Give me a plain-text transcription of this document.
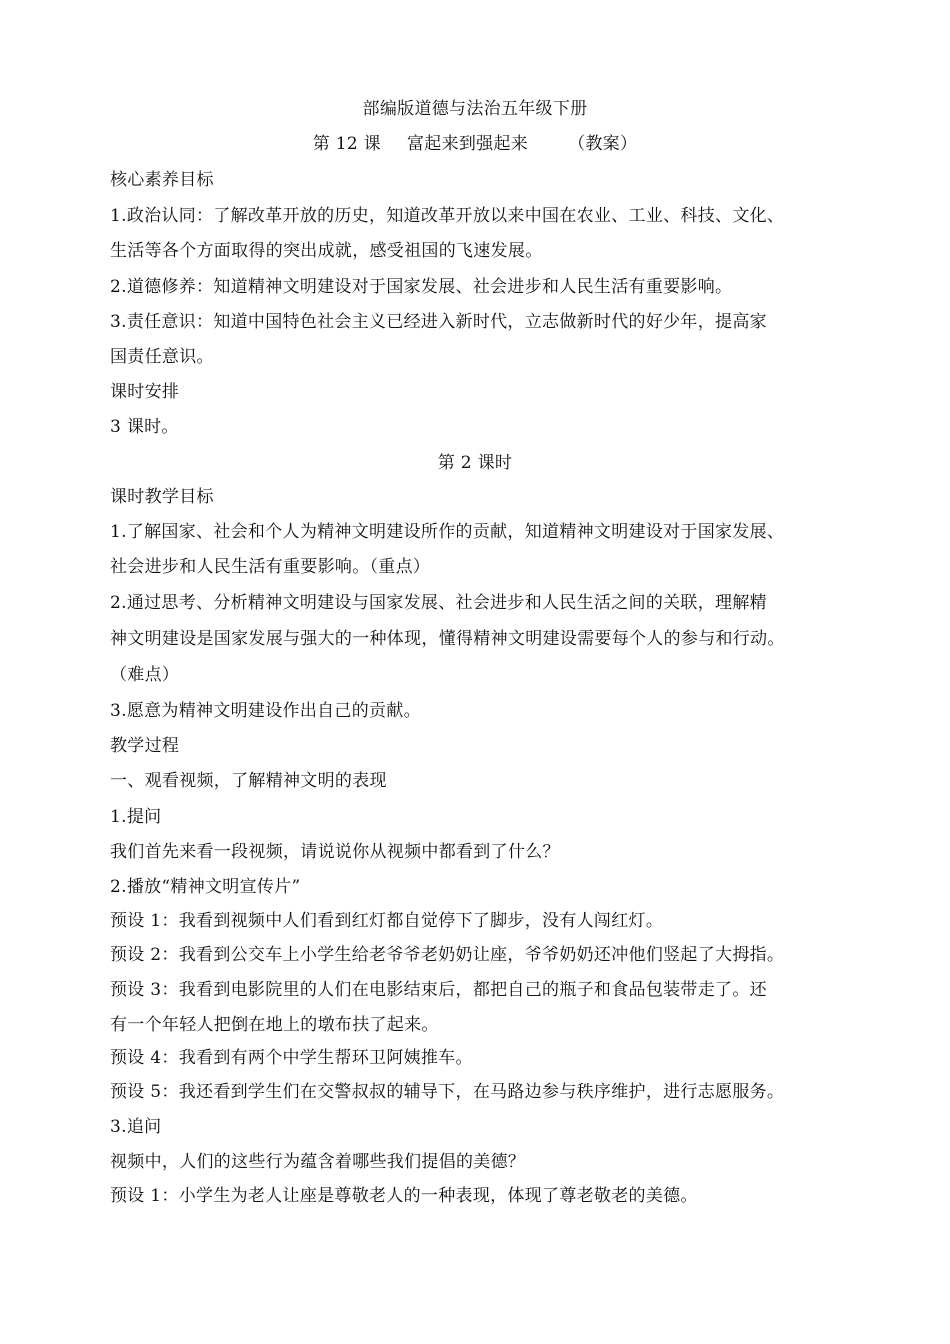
部编版道德与法治五年级下册
第 12 课 富起来到强起来 （教案）
核心素养目标
1.政治认同：了解改革开放的历史，知道改革开放以来中国在农业、工业、科技、文化、
生活等各个方面取得的突出成就，感受祖国的飞速发展。
2.道德修养：知道精神文明建设对于国家发展、社会进步和人民生活有重要影响。
3.责任意识：知道中国特色社会主义已经进入新时代，立志做新时代的好少年，提高家
国责任意识。
课时安排
3 课时。
第 2 课时
课时教学目标
1.了解国家、社会和个人为精神文明建设所作的贡献，知道精神文明建设对于国家发展、
社会进步和人民生活有重要影响。（重点）
2.通过思考、分析精神文明建设与国家发展、社会进步和人民生活之间的关联，理解精
神文明建设是国家发展与强大的一种体现，懂得精神文明建设需要每个人的参与和行动。
（难点）
3.愿意为精神文明建设作出自己的贡献。
教学过程
一、观看视频，了解精神文明的表现
1.提问
我们首先来看一段视频，请说说你从视频中都看到了什么？
2.播放“精神文明宣传片”
预设 1：我看到视频中人们看到红灯都自觉停下了脚步，没有人闯红灯。
预设 2：我看到公交车上小学生给老爷爷老奶奶让座，爷爷奶奶还冲他们竖起了大拇指。
预设 3：我看到电影院里的人们在电影结束后，都把自己的瓶子和食品包装带走了。还
有一个年轻人把倒在地上的墩布扶了起来。
预设 4：我看到有两个中学生帮环卫阿姨推车。
预设 5：我还看到学生们在交警叔叔的辅导下，在马路边参与秩序维护，进行志愿服务。
3.追问
视频中，人们的这些行为蕴含着哪些我们提倡的美德？
预设 1：小学生为老人让座是尊敬老人的一种表现，体现了尊老敬老的美德。
